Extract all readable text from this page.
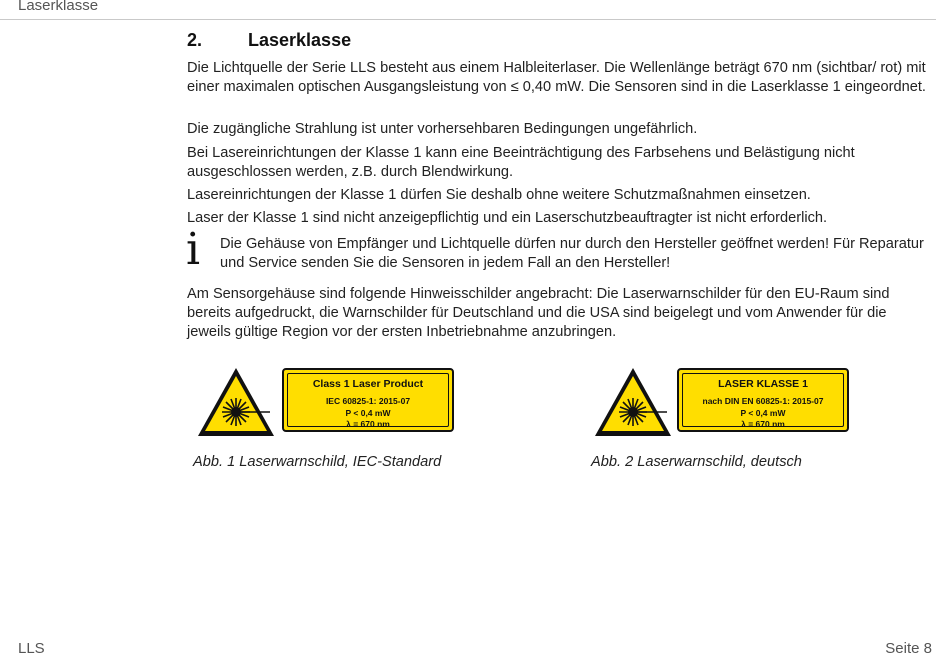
Laserklasse
2.	Laserklasse

Die Lichtquelle der Serie LLS besteht aus einem Halbleiterlaser. Die Wellenlänge beträgt 670 nm (sichtbar/ rot) mit einer maximalen optischen Ausgangsleistung von ≤ 0,40 mW. Die Sensoren sind in die Laserklasse 1 eingeordnet.

Die zugängliche Strahlung ist unter vorhersehbaren Bedingungen ungefährlich.

Bei Lasereinrichtungen der Klasse 1 kann eine Beeinträchtigung des Farbsehens und Belästigung nicht ausgeschlossen werden, z.B. durch Blendwirkung.

Lasereinrichtungen der Klasse 1 dürfen Sie deshalb ohne weitere Schutzmaßnahmen einsetzen.

Laser der Klasse 1 sind nicht anzeigepflichtig und ein Laserschutzbeauftragter ist nicht erforderlich.

Am Sensorgehäuse sind folgende Hinweisschilder angebracht: Die Laserwarnschilder für den EU-Raum sind bereits aufgedruckt, die Warnschilder für Deutschland und die USA sind beigelegt und vom Anwender für die jeweils gültige Region vor der ersten Inbetriebnahme anzubringen.

i Die Gehäuse von Empfänger und Lichtquelle dürfen nur durch den Hersteller geöffnet werden! Für Reparatur und Service senden Sie die Sensoren in jedem Fall an den Hersteller!

Class 1 Laser Product
IEC 60825-1: 2015-07
P < 0,4 mW
λ = 670 nm
Abb. 1 Laserwarnschild, IEC-Standard
LASER KLASSE 1
nach DIN EN 60825-1: 2015-07
P < 0,4 mW
λ = 670 nm
Abb. 2 Laserwarnschild, deutsch
LLS	Seite 8
